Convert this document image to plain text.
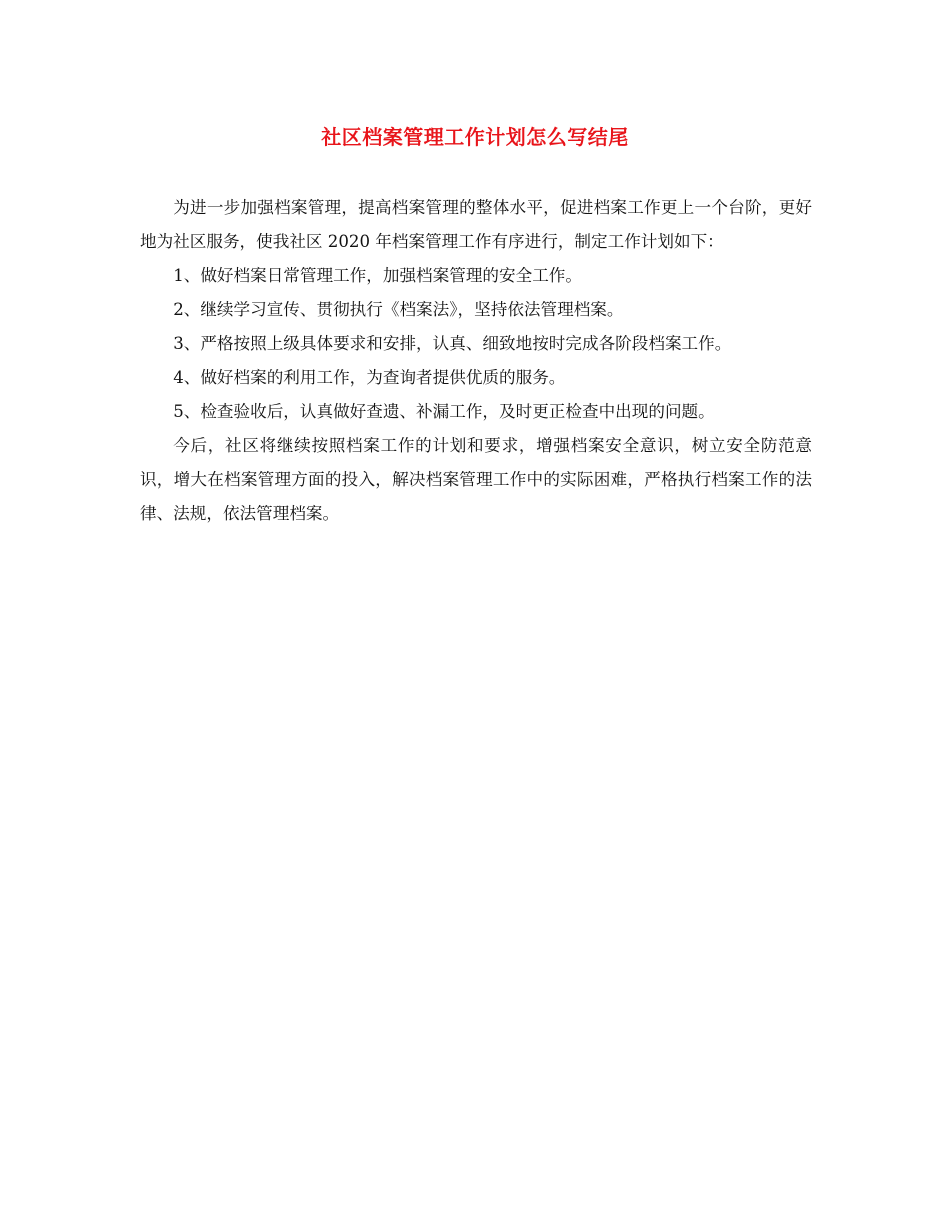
社区档案管理工作计划怎么写结尾

为进一步加强档案管理，提高档案管理的整体水平，促进档案工作更上一个台阶，更好地为社区服务，使我社区 2020 年档案管理工作有序进行，制定工作计划如下：

1、做好档案日常管理工作，加强档案管理的安全工作。

2、继续学习宣传、贯彻执行《档案法》，坚持依法管理档案。

3、严格按照上级具体要求和安排，认真、细致地按时完成各阶段档案工作。

4、做好档案的利用工作，为查询者提供优质的服务。

5、检查验收后，认真做好查遗、补漏工作，及时更正检查中出现的问题。

今后，社区将继续按照档案工作的计划和要求，增强档案安全意识，树立安全防范意识，增大在档案管理方面的投入，解决档案管理工作中的实际困难，严格执行档案工作的法律、法规，依法管理档案。
